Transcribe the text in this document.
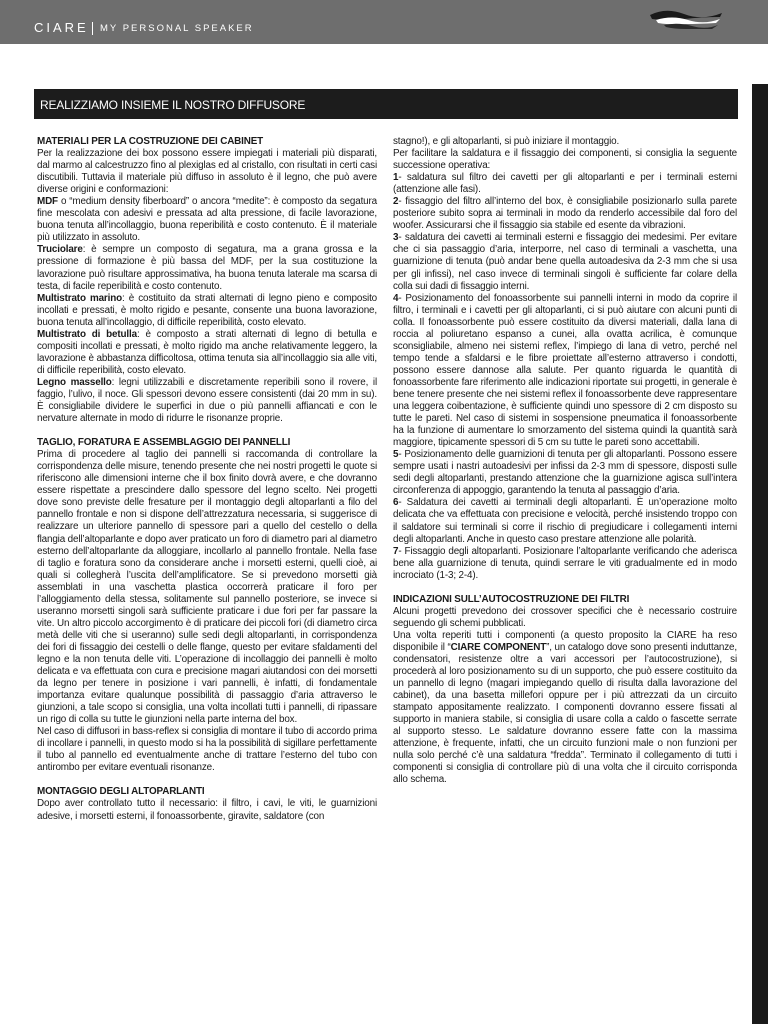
CIARE MY PERSONAL SPEAKER
REALIZZIAMO INSIEME IL NOSTRO DIFFUSORE
MATERIALI PER LA COSTRUZIONE DEI CABINET

Per la realizzazione dei box possono essere impiegati i materiali più disparati, dal marmo al calcestruzzo fino al plexiglas ed al cristallo, con risultati in certi casi discutibili. Tuttavia il materiale più diffuso in assoluto è il legno, che può avere diverse origini e conformazioni:

MDF o “medium density fiberboard” o ancora “medite”: è composto da segatura fine mescolata con adesivi e pressata ad alta pressione, di facile lavorazione, buona tenuta all’incollaggio, buona reperibilità e costo contenuto. È il materiale più utilizzato in assoluto.

Truciolare: è sempre un composto di segatura, ma a grana grossa e la pressione di formazione è più bassa del MDF, per la sua costituzione la lavorazione può risultare approssimativa, ha buona tenuta laterale ma scarsa di testa, di facile reperibilità e costo contenuto.

Multistrato marino: è costituito da strati alternati di legno pieno e composito incollati e pressati, è molto rigido e pesante, consente una buona lavorazione, buona tenuta all’incollaggio, di difficile reperibilità, costo elevato.

Multistrato di betulla: è composto a strati alternati di legno di betulla e compositi incollati e pressati, è molto rigido ma anche relativamente leggero, la lavorazione è abbastanza difficoltosa, ottima tenuta sia all’incollaggio sia alle viti, di difficile reperibilità, costo elevato.

Legno massello: legni utilizzabili e discretamente reperibili sono il rovere, il faggio, l’ulivo, il noce. Gli spessori devono essere consistenti (dai 20 mm in su). È consigliabile dividere le superfici in due o più pannelli affiancati e con le nervature alternate in modo di ridurre le risonanze proprie.

TAGLIO, FORATURA E ASSEMBLAGGIO DEI PANNELLI

Prima di procedere al taglio dei pannelli si raccomanda di controllare la corrispondenza delle misure, tenendo presente che nei nostri progetti le quote si riferiscono alle dimensioni interne che il box finito dovrà avere, e che dovranno essere rispettate a prescindere dallo spessore del legno scelto. Nei progetti dove sono previste delle fresature per il montaggio degli altoparlanti a filo del pannello frontale e non si dispone dell’attrezzatura necessaria, si suggerisce di realizzare un ulteriore pannello di spessore pari a quello del cestello o della flangia dell’altoparlante e dopo aver praticato un foro di diametro pari al diametro esterno dell’altoparlante da alloggiare, incollarlo al pannello frontale. Nella fase di taglio e foratura sono da considerare anche i morsetti esterni, quelli cioè, ai quali si collegherà l’uscita dell’amplificatore. Se si prevedono morsetti già assemblati in una vaschetta plastica occorrerà praticare il foro per l’alloggiamento della stessa, solitamente sul pannello posteriore, se invece si useranno morsetti singoli sarà sufficiente praticare i due fori per far passare la vite. Un altro piccolo accorgimento è di praticare dei piccoli fori (di diametro circa metà delle viti che si useranno) sulle sedi degli altoparlanti, in corrispondenza dei fori di fissaggio dei cestelli o delle flange, questo per evitare sfaldamenti del legno e la non tenuta delle viti. L’operazione di incollaggio dei pannelli è molto delicata e va effettuata con cura e precisione magari aiutandosi con dei morsetti da legno per tenere in posizione i vari pannelli, è infatti, di fondamentale importanza evitare qualunque possibilità di passaggio d’aria attraverso le giunzioni, a tale scopo si consiglia, una volta incollati tutti i pannelli, di ripassare un rigo di colla su tutte le giunzioni nella parte interna del box.

Nel caso di diffusori in bass-reflex si consiglia di montare il tubo di accordo prima di incollare i pannelli, in questo modo si ha la possibilità di sigillare perfettamente il tubo al pannello ed eventualmente anche di trattare l’esterno del tubo con antirombo per evitare eventuali risonanze.

MONTAGGIO DEGLI ALTOPARLANTI

Dopo aver controllato tutto il necessario: il filtro, i cavi, le viti, le guarnizioni adesive, i morsetti esterni, il fonoassorbente, giravite, saldatore (con

stagno!), e gli altoparlanti, si può iniziare il montaggio.

Per facilitare la saldatura e il fissaggio dei componenti, si consiglia la seguente successione operativa:

1- saldatura sul filtro dei cavetti per gli altoparlanti e per i terminali esterni (attenzione alle fasi).

2- fissaggio del filtro all’interno del box, è consigliabile posizionarlo sulla parete posteriore subito sopra ai terminali in modo da renderlo accessibile dal foro del woofer. Assicurarsi che il fissaggio sia stabile ed esente da vibrazioni.

3- saldatura dei cavetti ai terminali esterni e fissaggio dei medesimi. Per evitare che ci sia passaggio d’aria, interporre, nel caso di terminali a vaschetta, una guarnizione di tenuta (può andar bene quella autoadesiva da 2-3 mm che si usa per gli infissi), nel caso invece di terminali singoli è sufficiente far colare della colla sui dadi di fissaggio interni.

4- Posizionamento del fonoassorbente sui pannelli interni in modo da coprire il filtro, i terminali e i cavetti per gli altoparlanti, ci si può aiutare con alcuni punti di colla. Il fonoassorbente può essere costituito da diversi materiali, dalla lana di roccia al poliuretano espanso a cunei, alla ovatta acrilica, è comunque sconsigliabile, almeno nei sistemi reflex, l’impiego di lana di vetro, perché nel tempo tende a sfaldarsi e le fibre proiettate all’esterno attraverso i condotti, possono essere dannose alla salute. Per quanto riguarda le quantità di fonoassorbente fare riferimento alle indicazioni riportate sui progetti, in generale è bene tenere presente che nei sistemi reflex il fonoassorbente deve rappresentare una leggera coibentazione, è sufficiente quindi uno spessore di 2 cm disposto su tutte le pareti. Nel caso di sistemi in sospensione pneumatica il fonoassorbente ha la funzione di aumentare lo smorzamento del sistema quindi la quantità sarà maggiore, tipicamente spessori di 5 cm su tutte le pareti sono accettabili.

5- Posizionamento delle guarnizioni di tenuta per gli altoparlanti. Possono essere sempre usati i nastri autoadesivi per infissi da 2-3 mm di spessore, disposti sulle sedi degli altoparlanti, prestando attenzione che la guarnizione agisca sull’intera circonferenza di appoggio, garantendo la tenuta al passaggio d’aria.

6- Saldatura dei cavetti ai terminali degli altoparlanti. È un’operazione molto delicata che va effettuata con precisione e velocità, perché insistendo troppo con il saldatore sui terminali si corre il rischio di pregiudicare i collegamenti interni degli altoparlanti. Anche in questo caso prestare attenzione alle polarità.

7- Fissaggio degli altoparlanti. Posizionare l’altoparlante verificando che aderisca bene alla guarnizione di tenuta, quindi serrare le viti gradualmente ed in modo incrociato (1-3; 2-4).

INDICAZIONI SULL’AUTOCOSTRUZIONE DEI FILTRI

Alcuni progetti prevedono dei crossover specifici che è necessario costruire seguendo gli schemi pubblicati.

Una volta reperiti tutti i componenti (a questo proposito la CIARE ha reso disponibile il “CIARE COMPONENT”, un catalogo dove sono presenti induttanze, condensatori, resistenze oltre a vari accessori per l’autocostruzione), si procederà al loro posizionamento su di un supporto, che può essere costituito da un pannello di legno (magari impiegando quello di risulta dalla lavorazione del cabinet), da una basetta millefori oppure per i più attrezzati da un circuito stampato appositamente realizzato. I componenti dovranno essere fissati al supporto in maniera stabile, si consiglia di usare colla a caldo o fascette serrate al supporto stesso. Le saldature dovranno essere fatte con la massima attenzione, è frequente, infatti, che un circuito funzioni male o non funzioni per nulla solo perché c’è una saldatura “fredda”. Terminato il collegamento di tutti i componenti si consiglia di controllare più di una volta che il circuito corrisponda allo schema.
